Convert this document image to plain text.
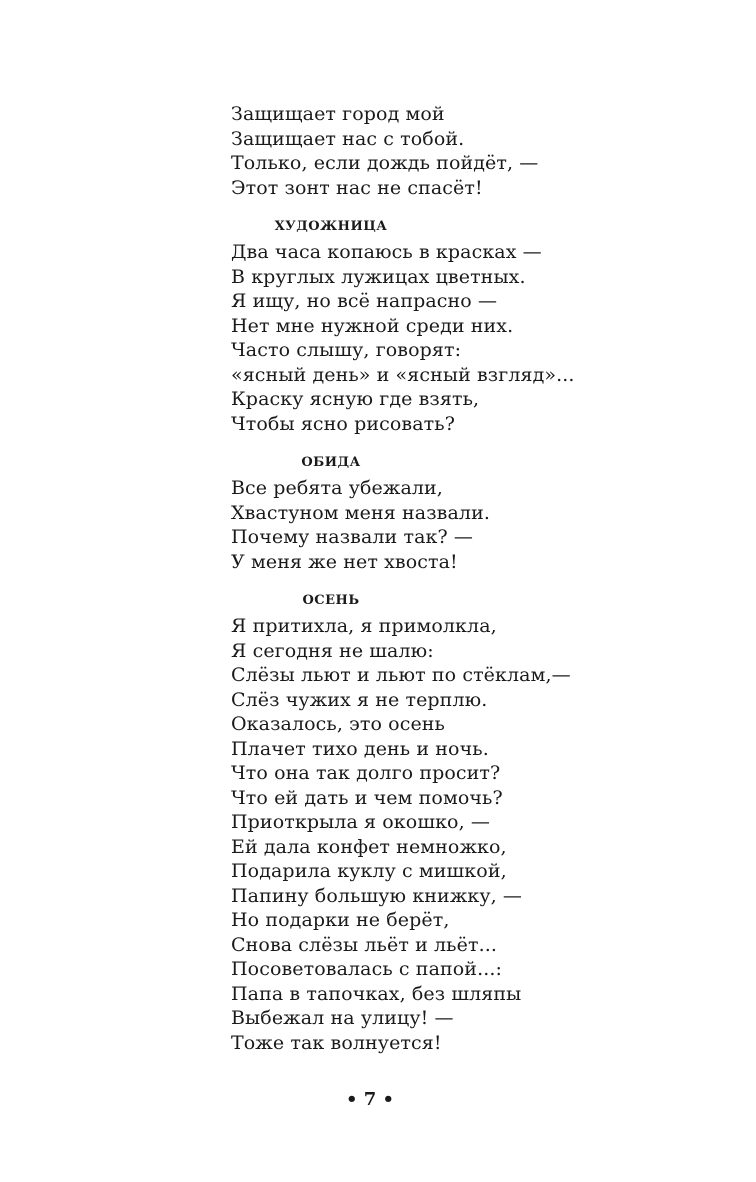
Защищает город мой
Защищает нас с тобой.
Только, если дождь пойдёт, —
Этот зонт нас не спасёт!
ХУДОЖНИЦА
Два часа копаюсь в красках —
В круглых лужицах цветных.
Я ищу, но всё напрасно —
Нет мне нужной среди них.
Часто слышу, говорят:
«ясный день» и «ясный взгляд»...
Краску ясную где взять,
Чтобы ясно рисовать?
ОБИДА
Все ребята убежали,
Хвастуном меня назвали.
Почему назвали так? —
У меня же нет хвоста!
ОСЕНЬ
Я притихла, я примолкла,
Я сегодня не шалю:
Слёзы льют и льют по стёклам,—
Слёз чужих я не терплю.
Оказалось, это осень
Плачет тихо день и ночь.
Что она так долго просит?
Что ей дать и чем помочь?
Приоткрыла я окошко, —
Ей дала конфет немножко,
Подарила куклу с мишкой,
Папину большую книжку, —
Но подарки не берёт,
Снова слёзы льёт и льёт...
Посоветовалась с папой...:
Папа в тапочках, без шляпы
Выбежал на улицу! —
Тоже так волнуется!
• 7 •
